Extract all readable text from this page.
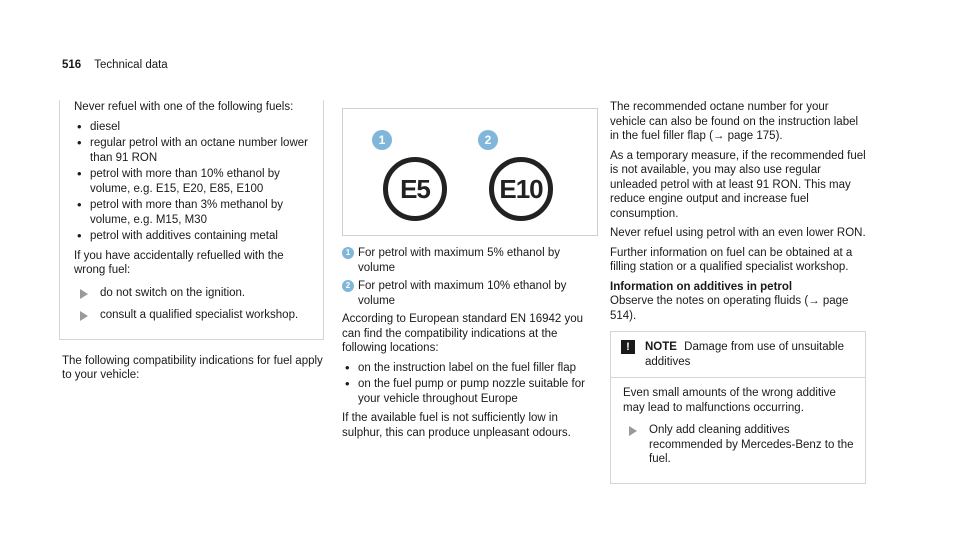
516 Technical data

Never refuel with one of the following fuels:

• diesel
• regular petrol with an octane number lower than 91 RON
• petrol with more than 10% ethanol by volume, e.g. E15, E20, E85, E100
• petrol with more than 3% methanol by volume, e.g. M15, M30
• petrol with additives containing metal

If you have accidentally refuelled with the wrong fuel:

do not switch on the ignition.
consult a qualified specialist workshop.

The following compatibility indications for fuel apply to your vehicle:

1	2
E5	E10
1 For petrol with maximum 5% ethanol by volume
2 For petrol with maximum 10% ethanol by volume

According to European standard EN 16942 you can find the compatibility indications at the following locations:

• on the instruction label on the fuel filler flap
• on the fuel pump or pump nozzle suitable for your vehicle throughout Europe

If the available fuel is not sufficiently low in sulphur, this can produce unpleasant odours.

The recommended octane number for your vehicle can also be found on the instruction label in the fuel filler flap (→ page 175).

As a temporary measure, if the recommended fuel is not available, you may also use regular unleaded petrol with at least 91 RON. This may reduce engine output and increase fuel consumption.

Never refuel using petrol with an even lower RON.

Further information on fuel can be obtained at a filling station or a qualified specialist workshop.

Information on additives in petrol

Observe the notes on operating fluids (→ page 514).

!	NOTE Damage from use of unsuitable additives

Even small amounts of the wrong additive may lead to malfunctions occurring.

Only add cleaning additives recommended by Mercedes-Benz to the fuel.
